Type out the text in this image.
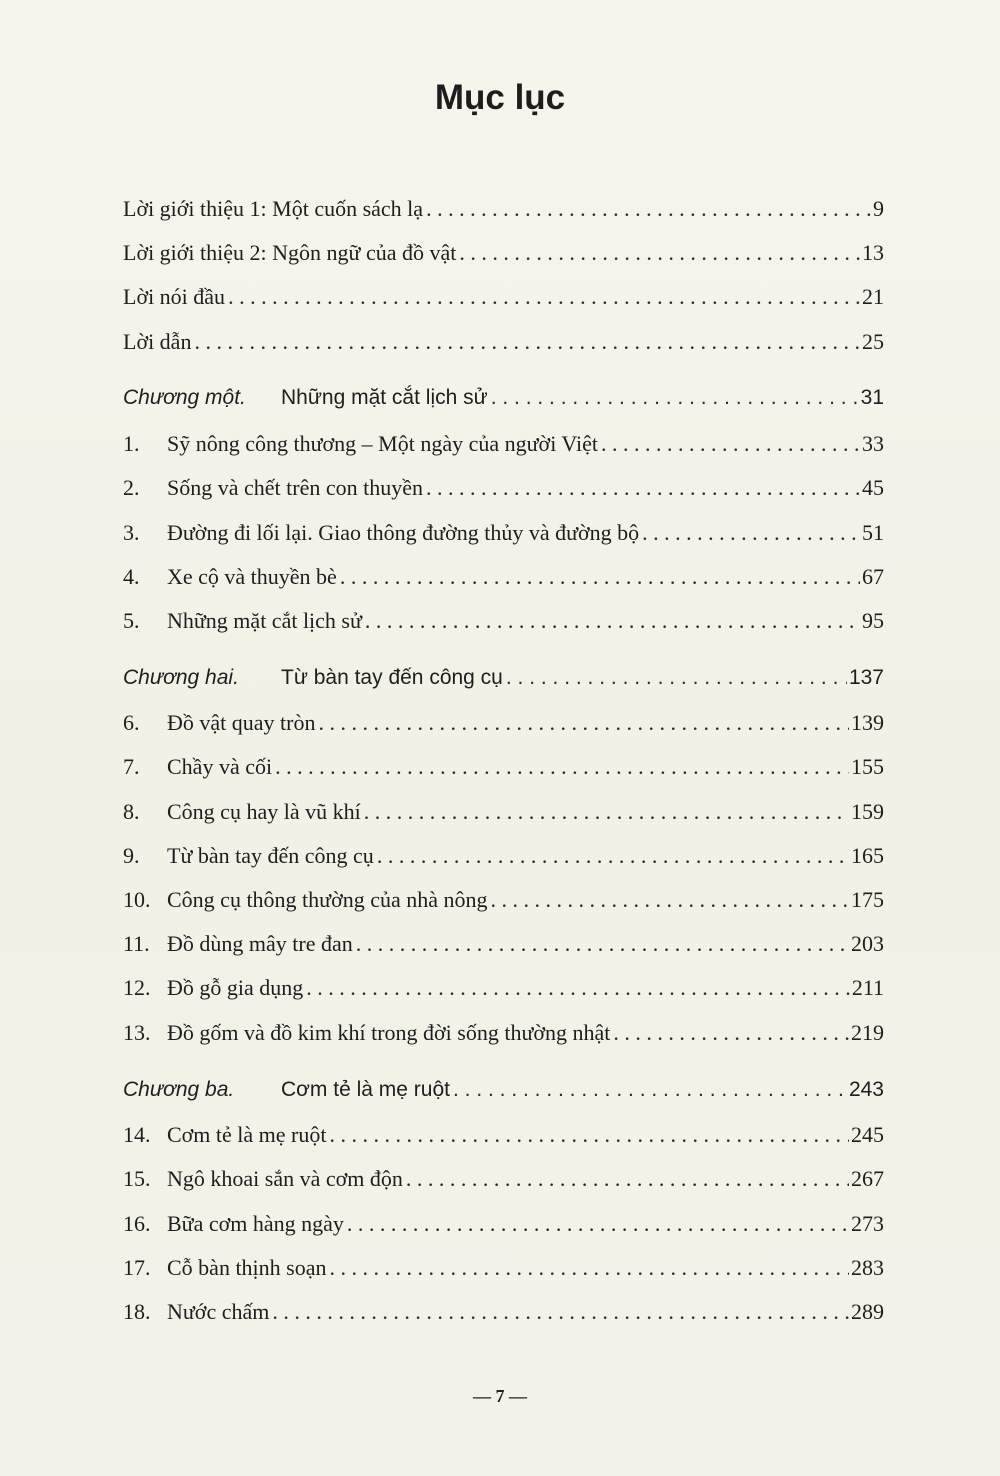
Mục lục
Lời giới thiệu 1: Một cuốn sách lạ . . .	9
Lời giới thiệu 2: Ngôn ngữ của đồ vật . . .	13
Lời nói đầu . . .	21
Lời dẫn . . .	25
Chương một.	Những mặt cắt lịch sử . . .	31
1.	Sỹ nông công thương – Một ngày của người Việt . . .	33
2.	Sống và chết trên con thuyền . . .	45
3.	Đường đi lối lại. Giao thông đường thủy và đường bộ . . .	51
4.	Xe cộ và thuyền bè . . .	67
5.	Những mặt cắt lịch sử . . .	95
Chương hai.	Từ bàn tay đến công cụ . . .	137
6.	Đồ vật quay tròn . . .	139
7.	Chầy và cối . . .	155
8.	Công cụ hay là vũ khí . . .	159
9.	Từ bàn tay đến công cụ . . .	165
10. Công cụ thông thường của nhà nông . . .	175
11. Đồ dùng mây tre đan . . .	203
12. Đồ gỗ gia dụng . . .	211
13. Đồ gốm và đồ kim khí trong đời sống thường nhật . . .	219
Chương ba.	Cơm tẻ là mẹ ruột . . .	243
14. Cơm tẻ là mẹ ruột . . .	245
15. Ngô khoai sắn và cơm độn . . .	267
16. Bữa cơm hàng ngày . . .	273
17. Cỗ bàn thịnh soạn . . .	283
18. Nước chấm . . .	289
— 7 —
